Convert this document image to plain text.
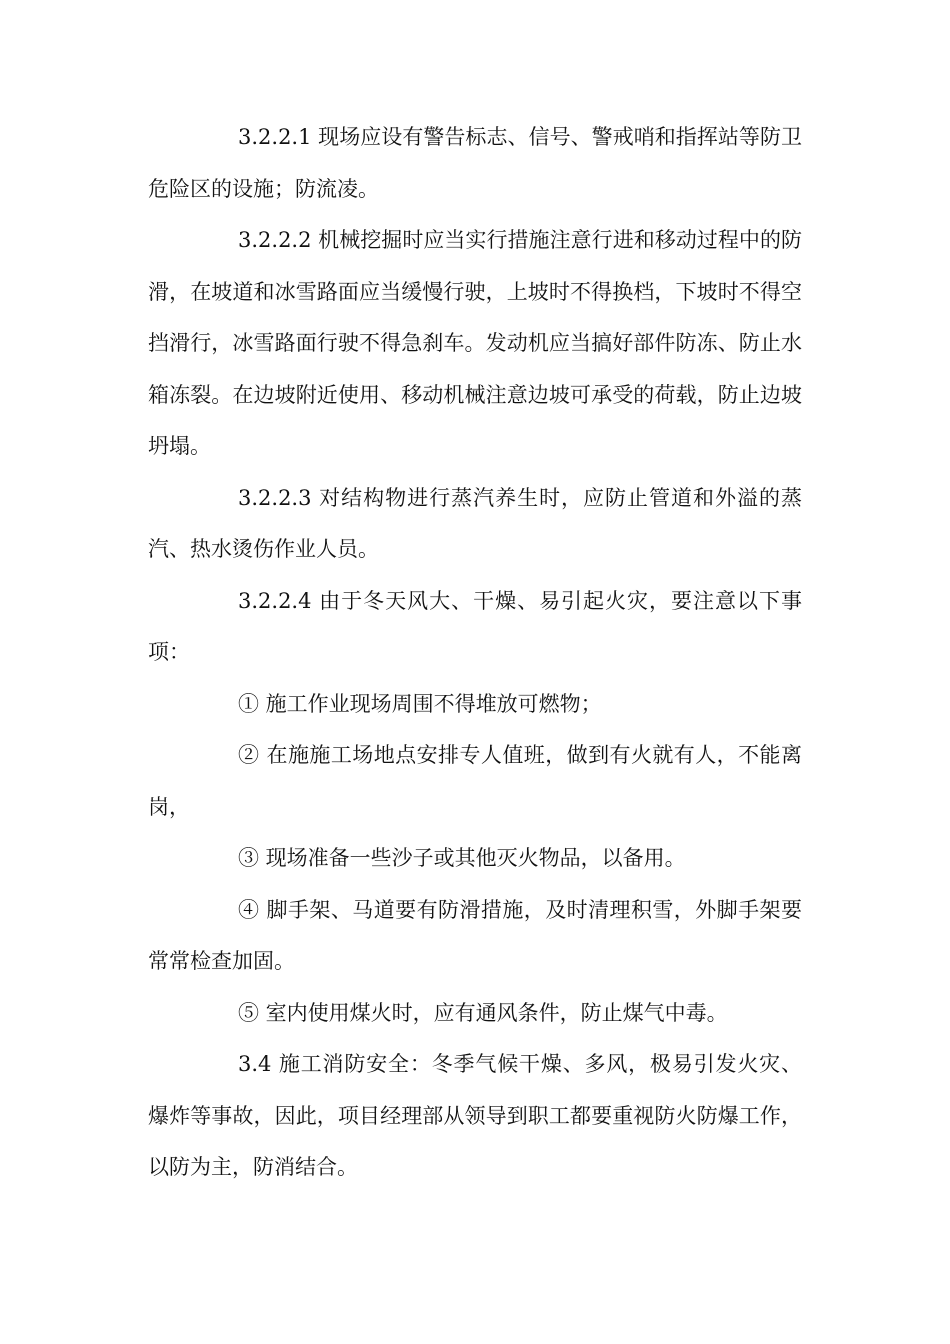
3.2.2.1 现场应设有警告标志、信号、警戒哨和指挥站等防卫危险区的设施；防流凌。

3.2.2.2 机械挖掘时应当实行措施注意行进和移动过程中的防滑，在坡道和冰雪路面应当缓慢行驶，上坡时不得换档，下坡时不得空挡滑行，冰雪路面行驶不得急刹车。发动机应当搞好部件防冻、防止水箱冻裂。在边坡附近使用、移动机械注意边坡可承受的荷载，防止边坡坍塌。

3.2.2.3 对结构物进行蒸汽养生时，应防止管道和外溢的蒸汽、热水烫伤作业人员。

3.2.2.4 由于冬天风大、干燥、易引起火灾，要注意以下事项：

① 施工作业现场周围不得堆放可燃物；

② 在施施工场地点安排专人值班，做到有火就有人，不能离岗，

③ 现场准备一些沙子或其他灭火物品，以备用。

④ 脚手架、马道要有防滑措施，及时清理积雪，外脚手架要常常检查加固。

⑤ 室内使用煤火时，应有通风条件，防止煤气中毒。

3.4 施工消防安全：冬季气候干燥、多风，极易引发火灾、爆炸等事故，因此，项目经理部从领导到职工都要重视防火防爆工作，以防为主，防消结合。
